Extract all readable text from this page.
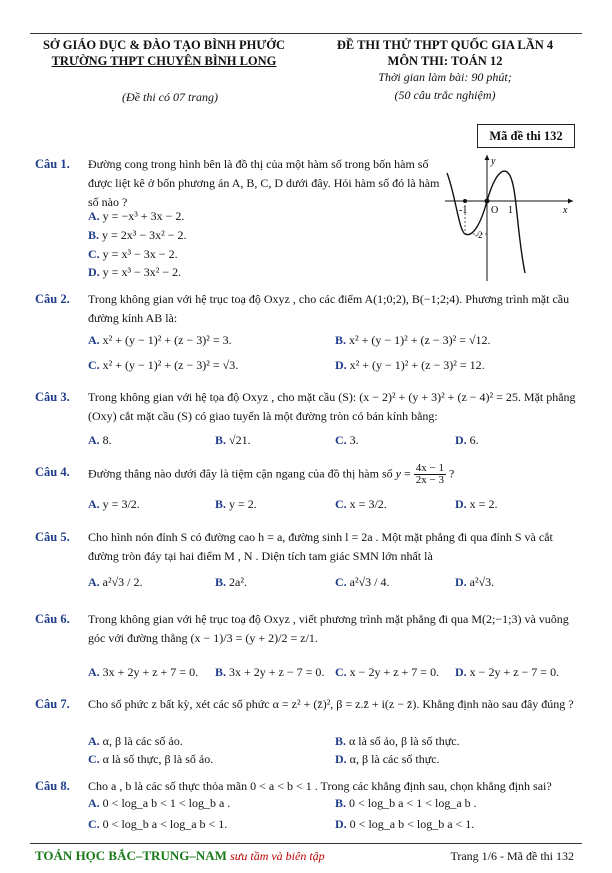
SỞ GIÁO DỤC & ĐÀO TẠO BÌNH PHƯỚC
TRƯỜNG THPT CHUYÊN BÌNH LONG
ĐỀ THI THỬ THPT QUỐC GIA LẦN 4
MÔN THI: TOÁN 12
Thời gian làm bài: 90 phút;
(50 câu trắc nghiệm)
(Đề thi có 07 trang)
Mã đề thi 132
Câu 1. Đường cong trong hình bên là đồ thị của một hàm số trong bốn hàm số được liệt kê ở bốn phương án A, B, C, D dưới đây. Hỏi hàm số đó là hàm số nào ?
A. y = −x³ + 3x − 2.
B. y = 2x³ − 3x² − 2.
C. y = x³ − 3x − 2.
D. y = x³ − 3x² − 2.
y
x
O
-1	1
-2
Câu 2. Trong không gian với hệ trục toạ độ Oxyz , cho các điểm A(1;0;2), B(−1;2;4). Phương trình mặt cầu đường kính AB là:
A. x² + (y − 1)² + (z − 3)² = 3.	B. x² + (y − 1)² + (z − 3)² = √12.
C. x² + (y − 1)² + (z − 3)² = √3.	D. x² + (y − 1)² + (z − 3)² = 12.
Câu 3. Trong không gian với hệ tọa độ Oxyz , cho mặt cầu (S): (x − 2)² + (y + 3)² + (z − 4)² = 25. Mặt phẳng (Oxy) cắt mặt cầu (S) có giao tuyến là một đường tròn có bán kính bằng:
A. 8.	B. √21.	C. 3.	D. 6.
Câu 4. Đường thẳng nào dưới đây là tiệm cận ngang của đồ thị hàm số $y = \frac{4x - 1}{2x - 3}$ ?
A. y = 3/2.	B. y = 2.	C. x = 3/2.	D. x = 2.
Câu 5. Cho hình nón đỉnh S có đường cao h = a, đường sinh l = 2a . Một mặt phẳng đi qua đỉnh S và cắt đường tròn đáy tại hai điểm M , N . Diện tích tam giác SMN lớn nhất là
A. a²√3 / 2.	B. 2a².	C. a²√3 / 4.	D. a²√3.
Câu 6. Trong không gian với hệ trục toạ độ Oxyz , viết phương trình mặt phẳng đi qua M(2;−1;3) và vuông góc với đường thẳng (x − 1)/3 = (y + 2)/2 = z/1.
A. 3x + 2y + z + 7 = 0. B. 3x + 2y + z − 7 = 0. C. x − 2y + z + 7 = 0. D. x − 2y + z − 7 = 0.
Câu 7. Cho số phức z bất kỳ, xét các số phức α = z² + (z̄)², β = z.z̄ + i(z − z̄). Khẳng định nào sau đây đúng ?
A. α, β là các số ảo.	B. α là số ảo, β là số thực.
C. α là số thực, β là số ảo.	D. α, β là các số thực.
Câu 8. Cho a , b là các số thực thỏa mãn 0 < a < b < 1 . Trong các khẳng định sau, chọn khẳng định sai?
A. 0 < log_a b < 1 < log_b a .	B. 0 < log_b a < 1 < log_a b .
C. 0 < log_b a < log_a b < 1.	D. 0 < log_a b < log_b a < 1.
TOÁN HỌC BẮC–TRUNG–NAM sưu tầm và biên tập	Trang 1/6 - Mã đề thi 132
